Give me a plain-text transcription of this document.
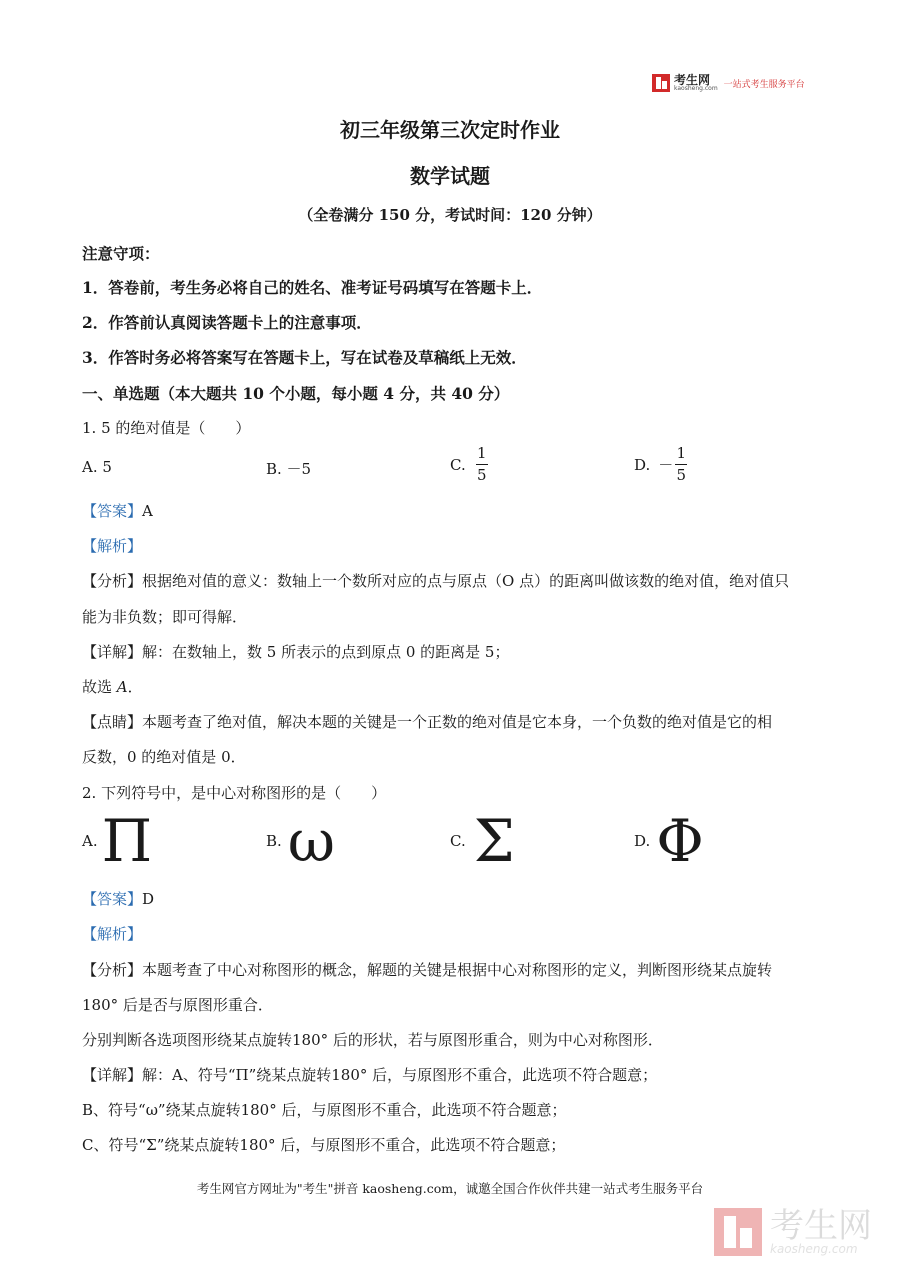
考生网
kaosheng.com 一站式考生服务平台
初三年级第三次定时作业
数学试题
（全卷满分 150 分，考试时间：120 分钟）
注意守项：
1．答卷前，考生务必将自己的姓名、准考证号码填写在答题卡上．
2．作答前认真阅读答题卡上的注意事项．
3．作答时务必将答案写在答题卡上，写在试卷及草稿纸上无效．
一、单选题（本大题共 10 个小题，每小题 4 分，共 40 分）
1. 5 的绝对值是（　　）
A. 5	B. －5	C. $\frac{1}{5}$	D. － $\frac{1}{5}$
【答案】A
【解析】
【分析】根据绝对值的意义：数轴上一个数所对应的点与原点（O 点）的距离叫做该数的绝对值，绝对值只
能为非负数；即可得解．
【详解】解：在数轴上，数 5 所表示的点到原点 0 的距离是 5；
故选 A．
【点睛】本题考查了绝对值，解决本题的关键是一个正数的绝对值是它本身，一个负数的绝对值是它的相
反数，0 的绝对值是 0．
2. 下列符号中，是中心对称图形的是（　　）
A. Π	B. ω	C. Σ	D. Φ
【答案】D
【解析】
【分析】本题考查了中心对称图形的概念，解题的关键是根据中心对称图形的定义，判断图形绕某点旋转
180° 后是否与原图形重合．
分别判断各选项图形绕某点旋转180° 后的形状，若与原图形重合，则为中心对称图形．
【详解】解：A、符号“Π”绕某点旋转180° 后，与原图形不重合，此选项不符合题意；
B、符号“ω”绕某点旋转180° 后，与原图形不重合，此选项不符合题意；
C、符号“Σ”绕某点旋转180° 后，与原图形不重合，此选项不符合题意；
考生网官方网址为"考生"拼音 kaosheng.com，诚邀全国合作伙伴共建一站式考生服务平台
考生网
kaosheng.com
